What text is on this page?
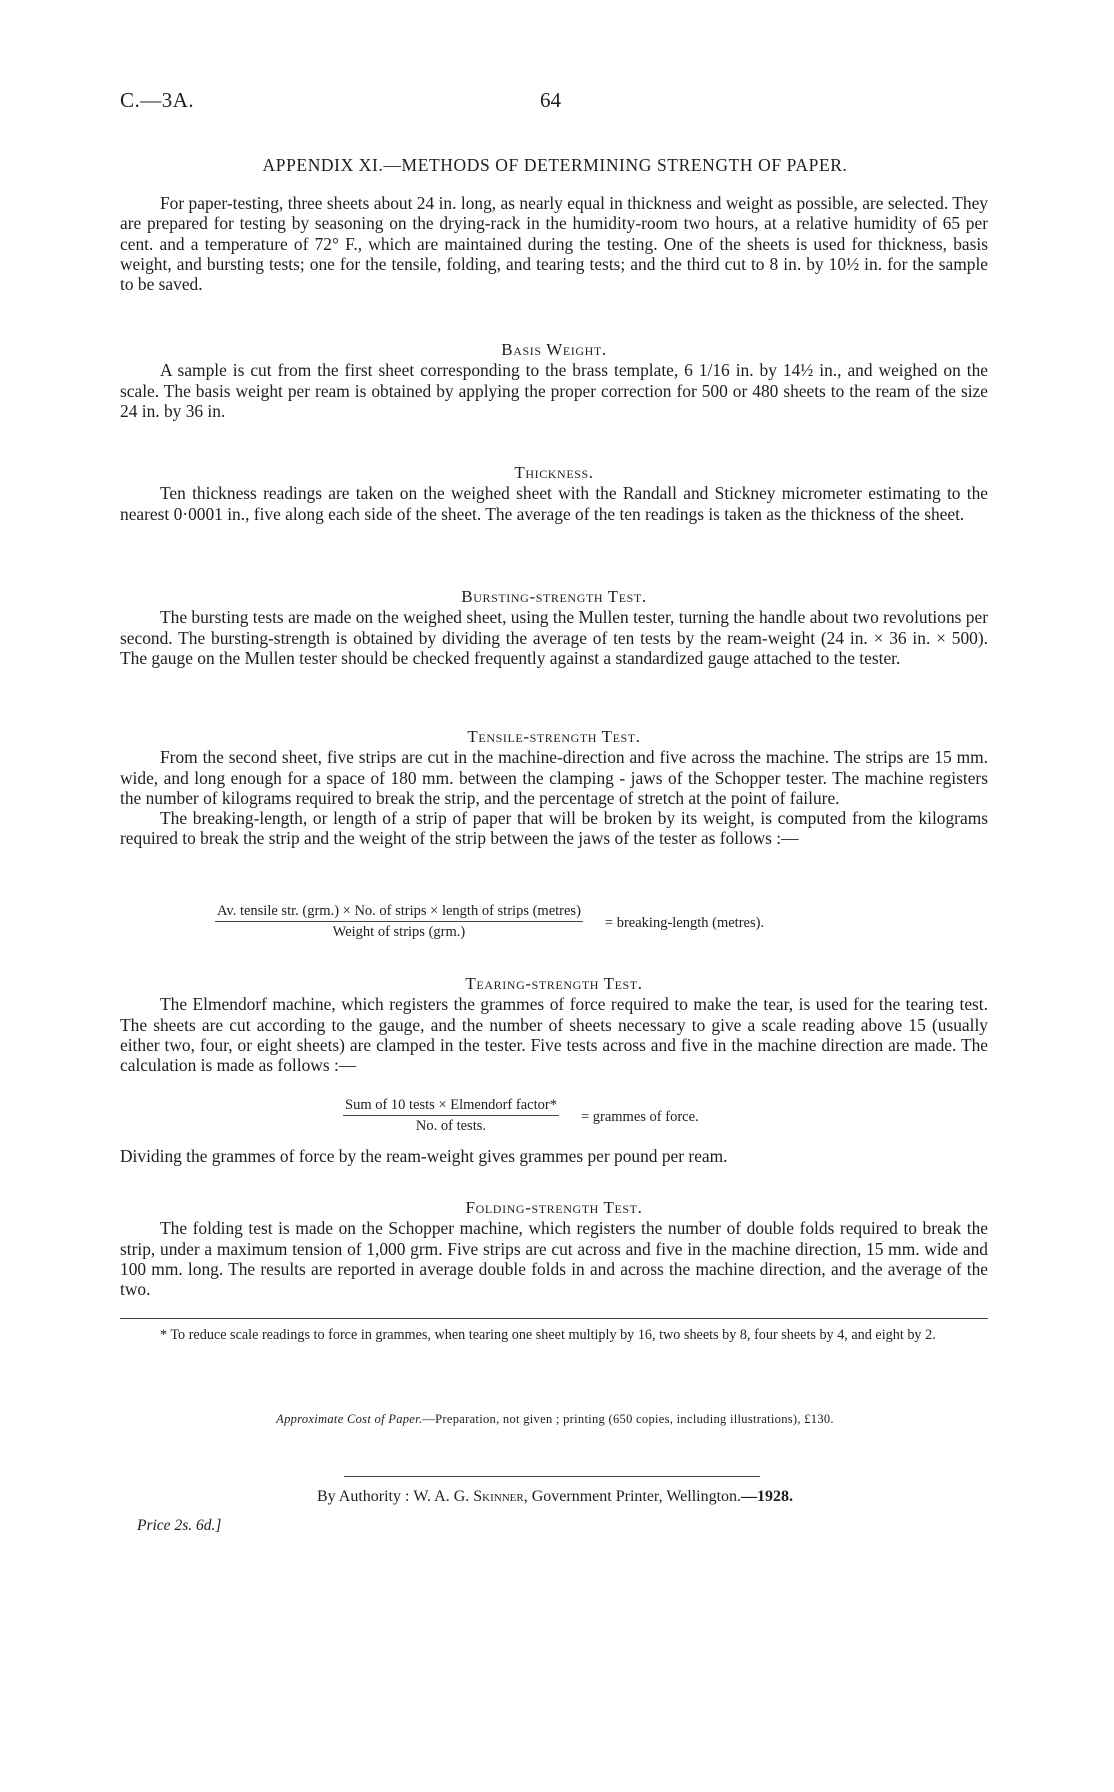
C.—3A.	64
APPENDIX XI.—METHODS OF DETERMINING STRENGTH OF PAPER.

For paper-testing, three sheets about 24 in. long, as nearly equal in thickness and weight as possible, are selected. They are prepared for testing by seasoning on the drying-rack in the humidity-room two hours, at a relative humidity of 65 per cent. and a temperature of 72° F., which are maintained during the testing. One of the sheets is used for thickness, basis weight, and bursting tests; one for the tensile, folding, and tearing tests; and the third cut to 8 in. by 10½ in. for the sample to be saved.

Basis Weight.

A sample is cut from the first sheet corresponding to the brass template, 6 1/16 in. by 14½ in., and weighed on the scale. The basis weight per ream is obtained by applying the proper correction for 500 or 480 sheets to the ream of the size 24 in. by 36 in.

Thickness.

Ten thickness readings are taken on the weighed sheet with the Randall and Stickney micrometer estimating to the nearest 0·0001 in., five along each side of the sheet. The average of the ten readings is taken as the thickness of the sheet.

Bursting-strength Test.

The bursting tests are made on the weighed sheet, using the Mullen tester, turning the handle about two revolutions per second. The bursting-strength is obtained by dividing the average of ten tests by the ream-weight (24 in. × 36 in. × 500). The gauge on the Mullen tester should be checked frequently against a standardized gauge attached to the tester.

Tensile-strength Test.

From the second sheet, five strips are cut in the machine-direction and five across the machine. The strips are 15 mm. wide, and long enough for a space of 180 mm. between the clamping - jaws of the Schopper tester. The machine registers the number of kilograms required to break the strip, and the percentage of stretch at the point of failure.

The breaking-length, or length of a strip of paper that will be broken by its weight, is computed from the kilograms required to break the strip and the weight of the strip between the jaws of the tester as follows :—

Av. tensile str. (grm.) × No. of strips × length of strips (metres)
Weight of strips (grm.)
= breaking-length (metres).

Tearing-strength Test.

The Elmendorf machine, which registers the grammes of force required to make the tear, is used for the tearing test. The sheets are cut according to the gauge, and the number of sheets necessary to give a scale reading above 15 (usually either two, four, or eight sheets) are clamped in the tester. Five tests across and five in the machine direction are made. The calculation is made as follows :—

$\frac{\text{Sum of 10 tests × Elmendorf factor*}}{\text{No. of tests.}}$ = grammes of force.

Dividing the grammes of force by the ream-weight gives grammes per pound per ream.

Folding-strength Test.

The folding test is made on the Schopper machine, which registers the number of double folds required to break the strip, under a maximum tension of 1,000 grm. Five strips are cut across and five in the machine direction, 15 mm. wide and 100 mm. long. The results are reported in average double folds in and across the machine direction, and the average of the two.

* To reduce scale readings to force in grammes, when tearing one sheet multiply by 16, two sheets by 8, four sheets by 4, and eight by 2.
Approximate Cost of Paper.—Preparation, not given ; printing (650 copies, including illustrations), £130.
By Authority : W. A. G. Skinner, Government Printer, Wellington.—1928.
Price 2s. 6d.]
